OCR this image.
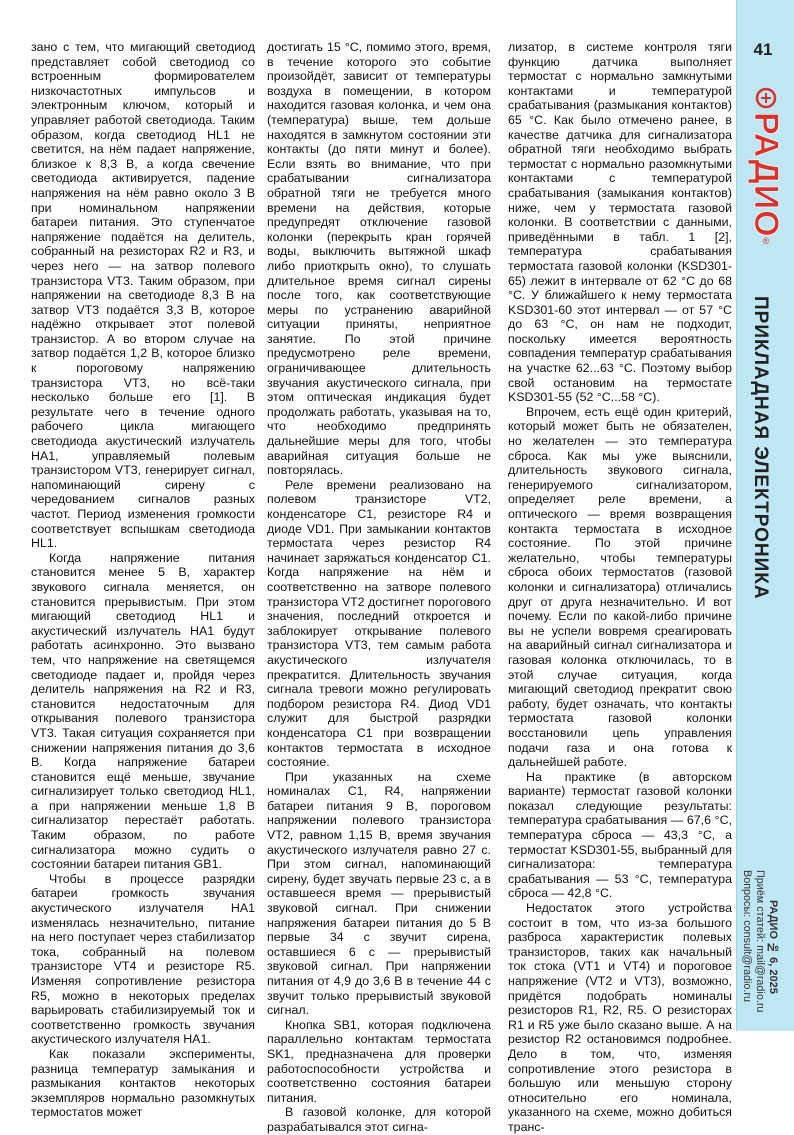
зано с тем, что мигающий светодиод представляет собой светодиод со встроенным формирователем низкочастотных импульсов и электронным ключом, который и управляет работой светодиода. Таким образом, когда светодиод HL1 не светится, на нём падает напряжение, близкое к 8,3 В, а когда свечение светодиода активируется, падение напряжения на нём равно около 3 В при номинальном напряжении батареи питания. Это ступенчатое напряжение подаётся на делитель, собранный на резисторах R2 и R3, и через него — на затвор полевого транзистора VT3. Таким образом, при напряжении на светодиоде 8,3 В на затвор VT3 подаётся 3,3 В, которое надёжно открывает этот полевой транзистор. А во втором случае на затвор подаётся 1,2 В, которое близко к пороговому напряжению транзистора VT3, но всё-таки несколько больше его [1]. В результате чего в течение одного рабочего цикла мигающего светодиода акустический излучатель HA1, управляемый полевым транзистором VT3, генерирует сигнал, напоминающий сирену с чередованием сигналов разных частот. Период изменения громкости соответствует вспышкам светодиода HL1.

Когда напряжение питания становится менее 5 В, характер звукового сигнала меняется, он становится прерывистым. При этом мигающий светодиод HL1 и акустический излучатель HA1 будут работать асинхронно. Это вызвано тем, что напряжение на светящемся светодиоде падает и, пройдя через делитель напряжения на R2 и R3, становится недостаточным для открывания полевого транзистора VT3. Такая ситуация сохраняется при снижении напряжения питания до 3,6 В. Когда напряжение батареи становится ещё меньше, звучание сигнализирует только светодиод HL1, а при напряжении меньше 1,8 В сигнализатор перестаёт работать. Таким образом, по работе сигнализатора можно судить о состоянии батареи питания GB1.

Чтобы в процессе разрядки батареи громкость звучания акустического излучателя HA1 изменялась незначительно, питание на него поступает через стабилизатор тока, собранный на полевом транзисторе VT4 и резисторе R5. Изменяя сопротивление резистора R5, можно в некоторых пределах варьировать стабилизируемый ток и соответственно громкость звучания акустического излучателя HA1.

Как показали эксперименты, разница температур замыкания и размыкания контактов некоторых экземпляров нормально разомкнутых термостатов может

достигать 15 °С, помимо этого, время, в течение которого это событие произойдёт, зависит от температуры воздуха в помещении, в котором находится газовая колонка, и чем она (температура) выше, тем дольше находятся в замкнутом состоянии эти контакты (до пяти минут и более). Если взять во внимание, что при срабатывании сигнализатора обратной тяги не требуется много времени на действия, которые предупредят отключение газовой колонки (перекрыть кран горячей воды, выключить вытяжной шкаф либо приоткрыть окно), то слушать длительное время сигнал сирены после того, как соответствующие меры по устранению аварийной ситуации приняты, неприятное занятие. По этой причине предусмотрено реле времени, ограничивающее длительность звучания акустического сигнала, при этом оптическая индикация будет продолжать работать, указывая на то, что необходимо предпринять дальнейшие меры для того, чтобы аварийная ситуация больше не повторялась.

Реле времени реализовано на полевом транзисторе VT2, конденсаторе C1, резисторе R4 и диоде VD1. При замыкании контактов термостата через резистор R4 начинает заряжаться конденсатор C1. Когда напряжение на нём и соответственно на затворе полевого транзистора VT2 достигнет порогового значения, последний откроется и заблокирует открывание полевого транзистора VT3, тем самым работа акустического излучателя прекратится. Длительность звучания сигнала тревоги можно регулировать подбором резистора R4. Диод VD1 служит для быстрой разрядки конденсатора C1 при возвращении контактов термостата в исходное состояние.

При указанных на схеме номиналах C1, R4, напряжении батареи питания 9 В, пороговом напряжении полевого транзистора VT2, равном 1,15 В, время звучания акустического излучателя равно 27 с. При этом сигнал, напоминающий сирену, будет звучать первые 23 с, а в оставшееся время — прерывистый звуковой сигнал. При снижении напряжения батареи питания до 5 В первые 34 с звучит сирена, оставшиеся 6 с — прерывистый звуковой сигнал. При напряжении питания от 4,9 до 3,6 В в течение 44 с звучит только прерывистый звуковой сигнал.

Кнопка SB1, которая подключена параллельно контактам термостата SK1, предназначена для проверки работоспособности устройства и соответственно состояния батареи питания.

В газовой колонке, для которой разрабатывался этот сигна-

лизатор, в системе контроля тяги функцию датчика выполняет термостат с нормально замкнутыми контактами и температурой срабатывания (размыкания контактов) 65 °С. Как было отмечено ранее, в качестве датчика для сигнализатора обратной тяги необходимо выбрать термостат с нормально разомкнутыми контактами с температурой срабатывания (замыкания контактов) ниже, чем у термостата газовой колонки. В соответствии с данными, приведёнными в табл. 1 [2], температура срабатывания термостата газовой колонки (KSD301-65) лежит в интервале от 62 °С до 68 °С. У ближайшего к нему термостата KSD301-60 этот интервал — от 57 °С до 63 °С, он нам не подходит, поскольку имеется вероятность совпадения температур срабатывания на участке 62...63 °С. Поэтому выбор свой остановим на термостате KSD301-55 (52 °С...58 °С).

Впрочем, есть ещё один критерий, который может быть не обязателен, но желателен — это температура сброса. Как мы уже выяснили, длительность звукового сигнала, генерируемого сигнализатором, определяет реле времени, а оптического — время возвращения контакта термостата в исходное состояние. По этой причине желательно, чтобы температуры сброса обоих термостатов (газовой колонки и сигнализатора) отличались друг от друга незначительно. И вот почему. Если по какой-либо причине вы не успели вовремя среагировать на аварийный сигнал сигнализатора и газовая колонка отключилась, то в этой случае ситуация, когда мигающий светодиод прекратит свою работу, будет означать, что контакты термостата газовой колонки восстановили цепь управления подачи газа и она готова к дальнейшей работе.

На практике (в авторском варианте) термостат газовой колонки показал следующие результаты: температура срабатывания — 67,6 °С, температура сброса — 43,3 °С, а термостат KSD301-55, выбранный для сигнализатора: температура срабатывания — 53 °С, температура сброса — 42,8 °С.

Недостаток этого устройства состоит в том, что из-за большого разброса характеристик полевых транзисторов, таких как начальный ток стока (VT1 и VT4) и пороговое напряжение (VT2 и VT3), возможно, придётся подобрать номиналы резисторов R1, R2, R5. О резисторах R1 и R5 уже было сказано выше. А на резистор R2 остановимся подробнее. Дело в том, что, изменяя сопротивление этого резистора в большую или меньшую сторону относительно его номинала, указанного на схеме, можно добиться транс-

41
РАДИО
®
ПРИКЛАДНАЯ ЭЛЕКТРОНИКА
Приём статей: mail@radio.ru
Вопросы: consult@radio.ru	РАДИО № 6, 2025
